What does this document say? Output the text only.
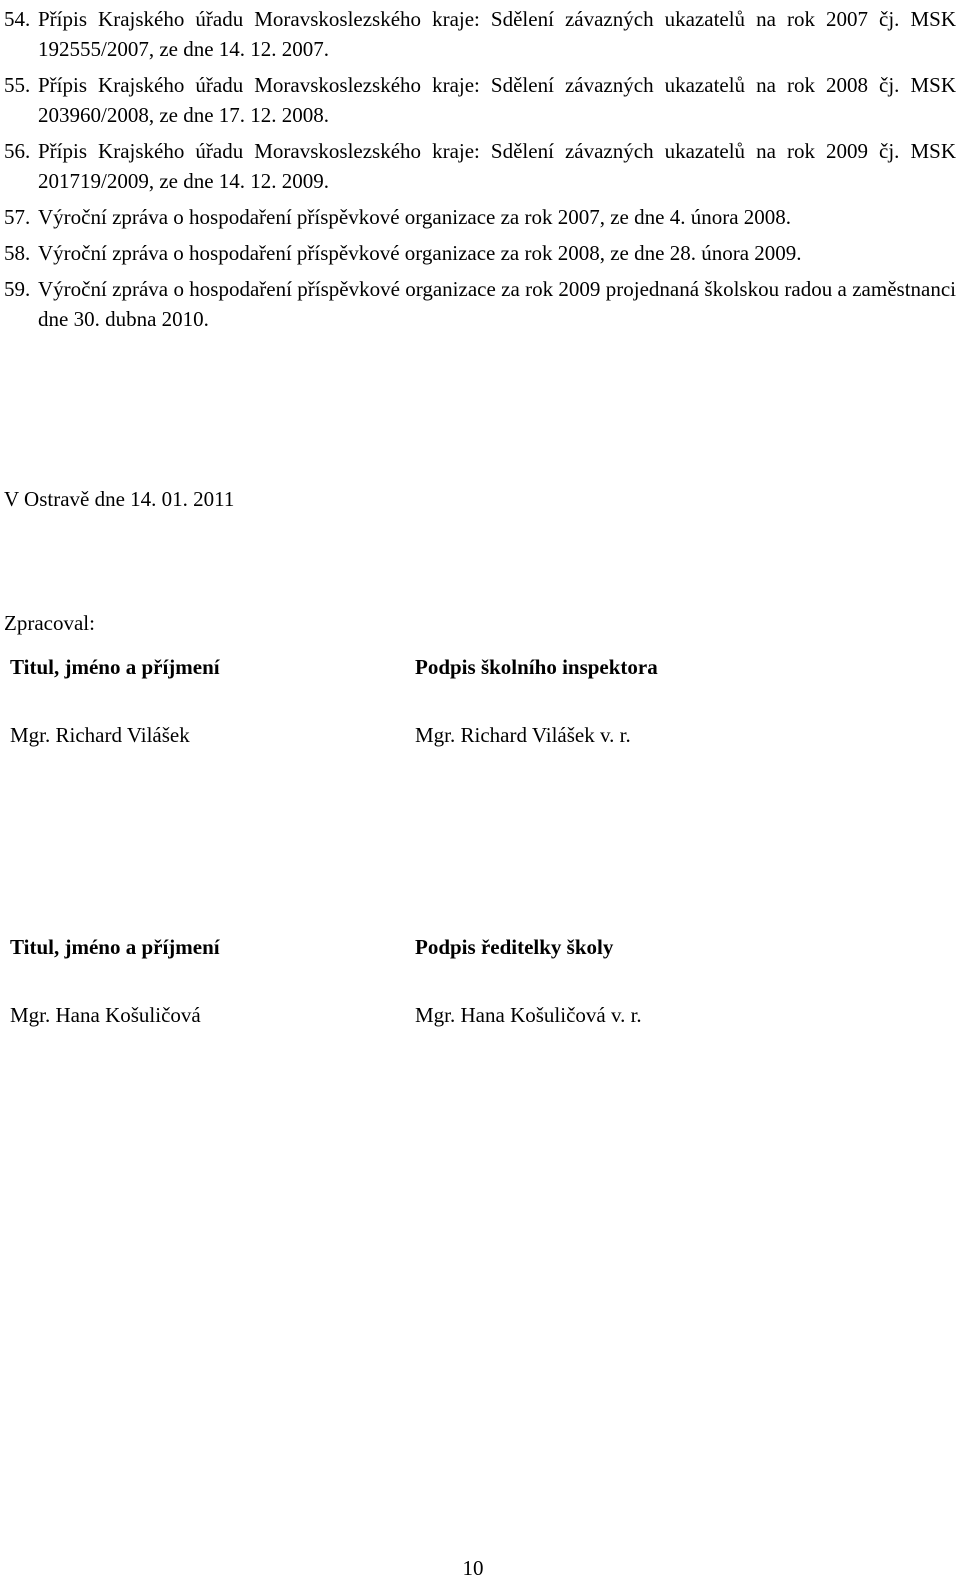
54. Přípis Krajského úřadu Moravskoslezského kraje: Sdělení závazných ukazatelů na rok 2007 čj. MSK 192555/2007, ze dne 14. 12. 2007.
55. Přípis Krajského úřadu Moravskoslezského kraje: Sdělení závazných ukazatelů na rok 2008 čj. MSK 203960/2008, ze dne 17. 12. 2008.
56. Přípis Krajského úřadu Moravskoslezského kraje: Sdělení závazných ukazatelů na rok 2009 čj. MSK 201719/2009, ze dne 14. 12. 2009.
57. Výroční zpráva o hospodaření příspěvkové organizace za rok 2007, ze dne 4. února 2008.
58. Výroční zpráva o hospodaření příspěvkové organizace za rok 2008, ze dne 28. února 2009.
59. Výroční zpráva o hospodaření příspěvkové organizace za rok 2009 projednaná školskou radou a zaměstnanci dne 30. dubna 2010.

V Ostravě dne 14. 01. 2011

Zpracoval:

Titul, jméno a příjmení	Podpis školního inspektora

Mgr. Richard Vilášek	Mgr. Richard Vilášek v. r.

Titul, jméno a příjmení	Podpis ředitelky školy

Mgr. Hana Košuličová	Mgr. Hana Košuličová v. r.

10
